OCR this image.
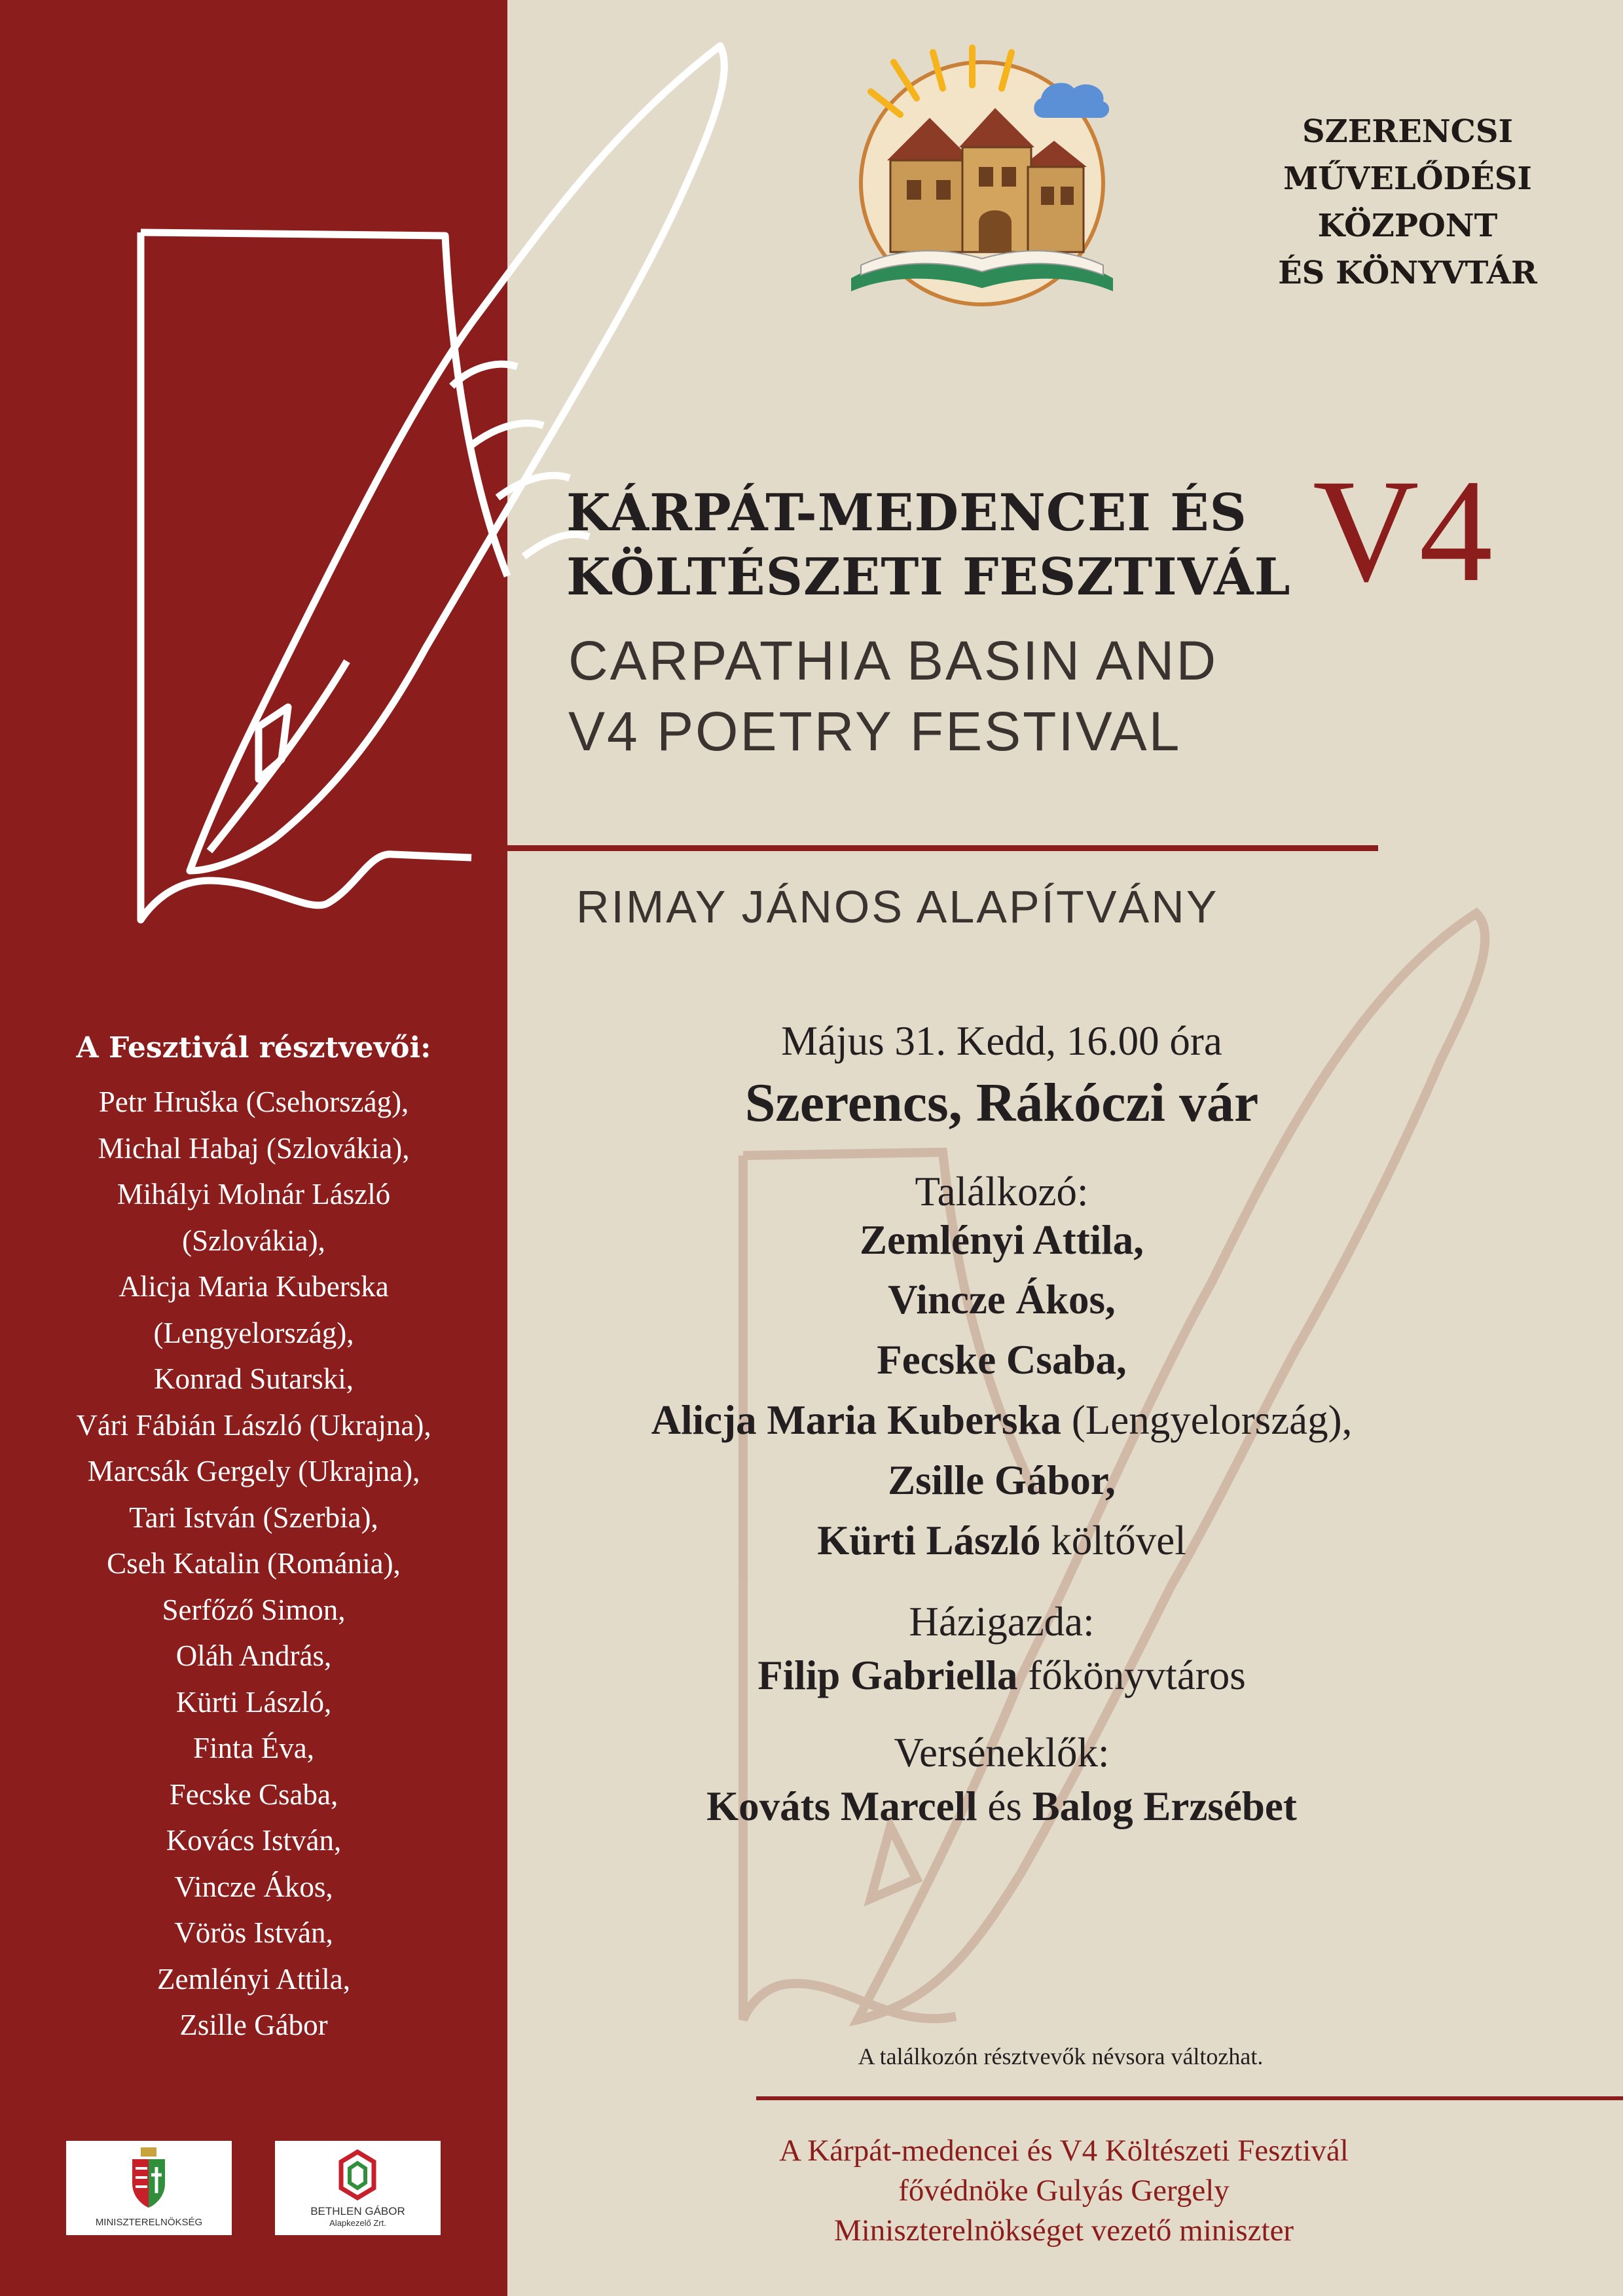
SZERENCSI
MŰVELŐDÉSI KÖZPONT
ÉS KÖNYVTÁR
KÁRPÁT-MEDENCEI ÉS
KÖLTÉSZETI FESZTIVÁL V4
CARPATHIA BASIN AND
V4 POETRY FESTIVAL
RIMAY JÁNOS ALAPÍTVÁNY
Május 31. Kedd, 16.00 óra
Szerencs, Rákóczi vár
Találkozó:
Zemlényi Attila,
Vincze Ákos,
Fecske Csaba,
Alicja Maria Kuberska (Lengyelország),
Zsille Gábor,
Kürti László költővel
Házigazda:
Filip Gabriella főkönyvtáros
Verséneklők:
Kováts Marcell és Balog Erzsébet
A találkozón résztvevők névsora változhat.
A Kárpát-medencei és V4 Költészeti Fesztivál
fővédnöke Gulyás Gergely
Miniszterelnökséget vezető miniszter
A Fesztivál résztvevői:
Petr Hruška (Csehország),
Michal Habaj (Szlovákia),
Mihályi Molnár László
(Szlovákia),
Alicja Maria Kuberska
(Lengyelország),
Konrad Sutarski,
Vári Fábián László (Ukrajna),
Marcsák Gergely (Ukrajna),
Tari István (Szerbia),
Cseh Katalin (Románia),
Serfőző Simon,
Oláh András,
Kürti László,
Finta Éva,
Fecske Csaba,
Kovács István,
Vincze Ákos,
Vörös István,
Zemlényi Attila,
Zsille Gábor
MINISZTERELNÖKSÉG
BETHLEN GÁBOR
Alapkezelő Zrt.
